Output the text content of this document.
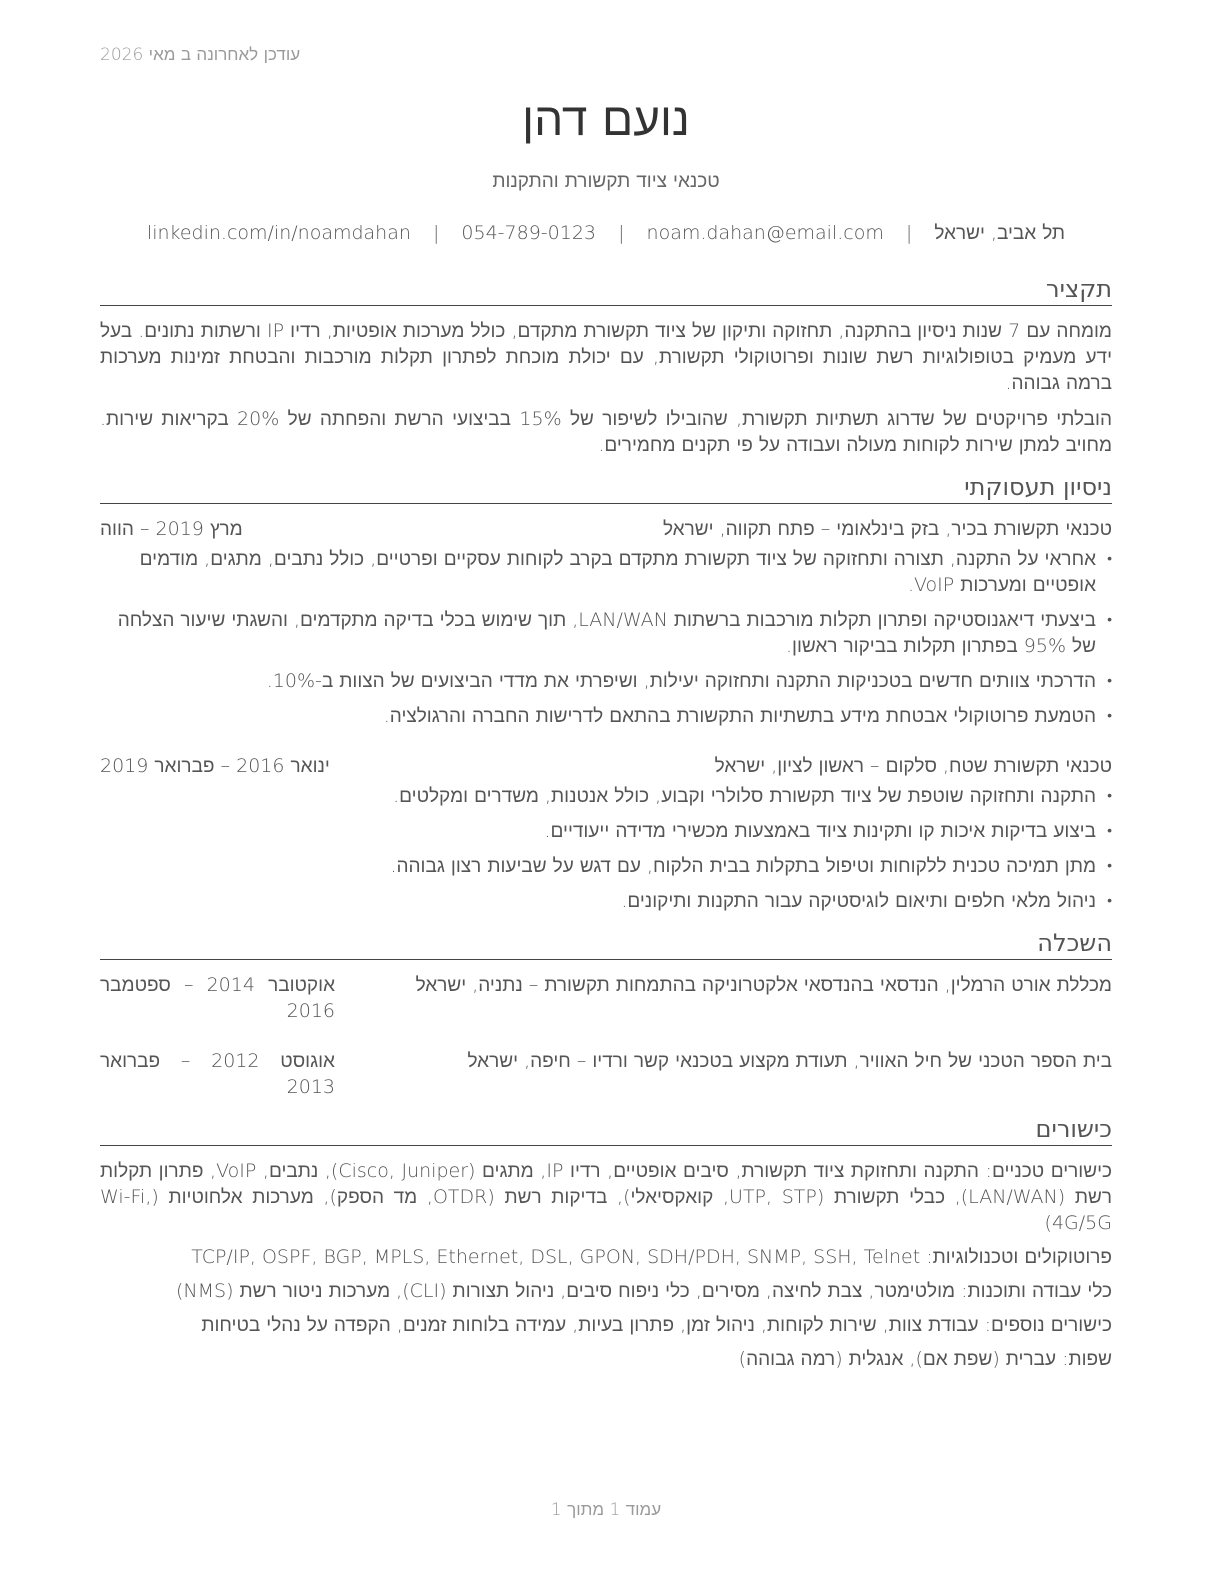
עודכן לאחרונה ב מאי 2026
נועם דהן
טכנאי ציוד תקשורת והתקנות
תל אביב, ישראל | noam.dahan@email.com | 054-789-0123 | linkedin.com/in/noamdahan
תקציר

מומחה עם 7 שנות ניסיון בהתקנה, תחזוקה ותיקון של ציוד תקשורת מתקדם, כולל מערכות אופטיות, רדיו IP ורשתות נתונים. בעל ידע מעמיק בטופולוגיות רשת שונות ופרוטוקולי תקשורת, עם יכולת מוכחת לפתרון תקלות מורכבות והבטחת זמינות מערכות ברמה גבוהה.

הובלתי פרויקטים של שדרוג תשתיות תקשורת, שהובילו לשיפור של 15% בביצועי הרשת והפחתה של 20% בקריאות שירות. מחויב למתן שירות לקוחות מעולה ועבודה על פי תקנים מחמירים.

ניסיון תעסוקתי
טכנאי תקשורת בכיר, בזק בינלאומי – פתח תקווה, ישראל
מרץ 2019 – הווה
• אחראי על התקנה, תצורה ותחזוקה של ציוד תקשורת מתקדם בקרב לקוחות עסקיים ופרטיים, כולל נתבים, מתגים, מודמים אופטיים ומערכות VoIP.
• ביצעתי דיאגנוסטיקה ופתרון תקלות מורכבות ברשתות LAN/WAN, תוך שימוש בכלי בדיקה מתקדמים, והשגתי שיעור הצלחה של 95% בפתרון תקלות בביקור ראשון.
• הדרכתי צוותים חדשים בטכניקות התקנה ותחזוקה יעילות, ושיפרתי את מדדי הביצועים של הצוות ב-10%.
• הטמעת פרוטוקולי אבטחת מידע בתשתיות התקשורת בהתאם לדרישות החברה והרגולציה.
טכנאי תקשורת שטח, סלקום – ראשון לציון, ישראל
ינואר 2016 – פברואר 2019
• התקנה ותחזוקה שוטפת של ציוד תקשורת סלולרי וקבוע, כולל אנטנות, משדרים ומקלטים.
• ביצוע בדיקות איכות קו ותקינות ציוד באמצעות מכשירי מדידה ייעודיים.
• מתן תמיכה טכנית ללקוחות וטיפול בתקלות בבית הלקוח, עם דגש על שביעות רצון גבוהה.
• ניהול מלאי חלפים ותיאום לוגיסטיקה עבור התקנות ותיקונים.
השכלה
מכללת אורט הרמלין, הנדסאי בהנדסאי אלקטרוניקה בהתמחות תקשורת – נתניה, ישראל
אוקטובר 2014 – ספטמבר 2016
בית הספר הטכני של חיל האוויר, תעודת מקצוע בטכנאי קשר ורדיו – חיפה, ישראל
אוגוסט 2012 – פברואר 2013
כישורים
כישורים טכניים: התקנה ותחזוקת ציוד תקשורת, סיבים אופטיים, רדיו IP, מתגים (Cisco, Juniper), נתבים, VoIP, פתרון תקלות רשת (LAN/WAN), כבלי תקשורת (UTP, STP, קואקסיאלי), בדיקות רשת (OTDR, מד הספק), מערכות אלחוטיות (Wi-Fi, 4G/5G)
פרוטוקולים וטכנולוגיות: TCP/IP, OSPF, BGP, MPLS, Ethernet, DSL, GPON, SDH/PDH, SNMP, SSH, Telnet
כלי עבודה ותוכנות: מולטימטר, צבת לחיצה, מסירים, כלי ניפוח סיבים, ניהול תצורות (CLI), מערכות ניטור רשת (NMS)
כישורים נוספים: עבודת צוות, שירות לקוחות, ניהול זמן, פתרון בעיות, עמידה בלוחות זמנים, הקפדה על נהלי בטיחות
שפות: עברית (שפת אם), אנגלית (רמה גבוהה)
עמוד 1 מתוך 1
